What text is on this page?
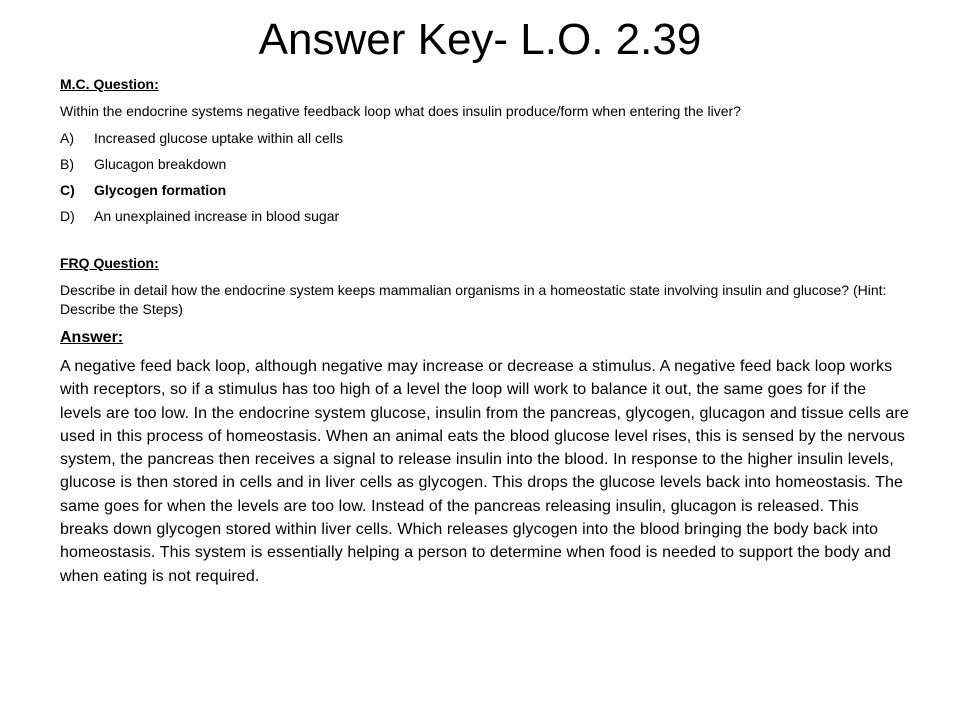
Answer Key- L.O. 2.39

M.C. Question:

Within the endocrine systems negative feedback loop what does insulin produce/form when entering the liver?

A)	Increased glucose uptake within all cells
B)	Glucagon breakdown
C)	Glycogen formation
D)	An unexplained increase in blood sugar

FRQ Question:

Describe in detail how the endocrine system keeps mammalian organisms in a homeostatic state involving insulin and glucose? (Hint: Describe the Steps)

Answer:

A negative feed back loop, although negative may increase or decrease a stimulus. A negative feed back loop works with receptors, so if a stimulus has too high of a level the loop will work to balance it out, the same goes for if the levels are too low. In the endocrine system glucose, insulin from the pancreas, glycogen, glucagon and tissue cells are used in this process of homeostasis. When an animal eats the blood glucose level rises, this is sensed by the nervous system, the pancreas then receives a signal to release insulin into the blood. In response to the higher insulin levels, glucose is then stored in cells and in liver cells as glycogen. This drops the glucose levels back into homeostasis. The same goes for when the levels are too low. Instead of the pancreas releasing insulin, glucagon is released. This breaks down glycogen stored within liver cells. Which releases glycogen into the blood bringing the body back into homeostasis. This system is essentially helping a person to determine when food is needed to support the body and when eating is not required.
